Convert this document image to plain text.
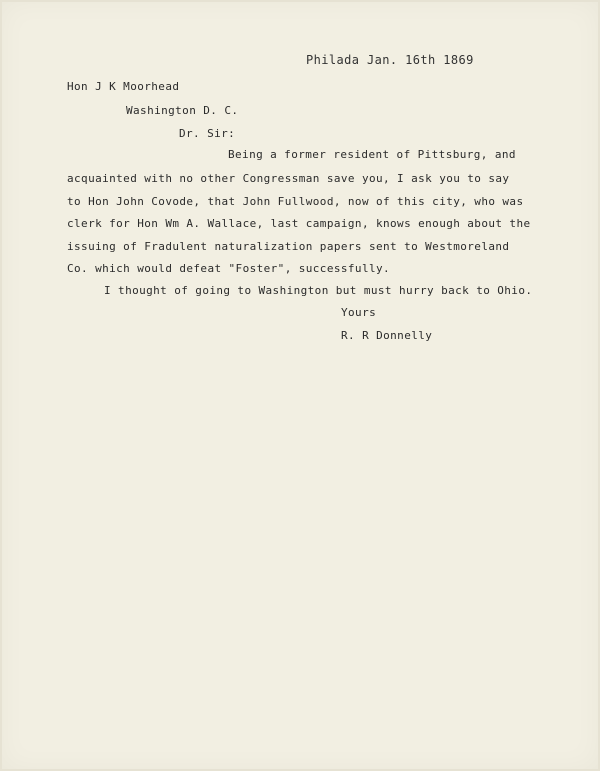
Philada Jan. 16th 1869
Hon J K Moorhead
Washington D. C.
Dr. Sir:
Being a former resident of Pittsburg, and
acquainted with no other Congressman save you, I ask you to say
to Hon John Covode, that John Fullwood, now of this city, who was
clerk for Hon Wm A. Wallace, last campaign, knows enough about the
issuing of Fradulent naturalization papers sent to Westmoreland
Co. which would defeat "Foster", successfully.
I thought of going to Washington but must hurry back to Ohio.
Yours
R. R Donnelly
